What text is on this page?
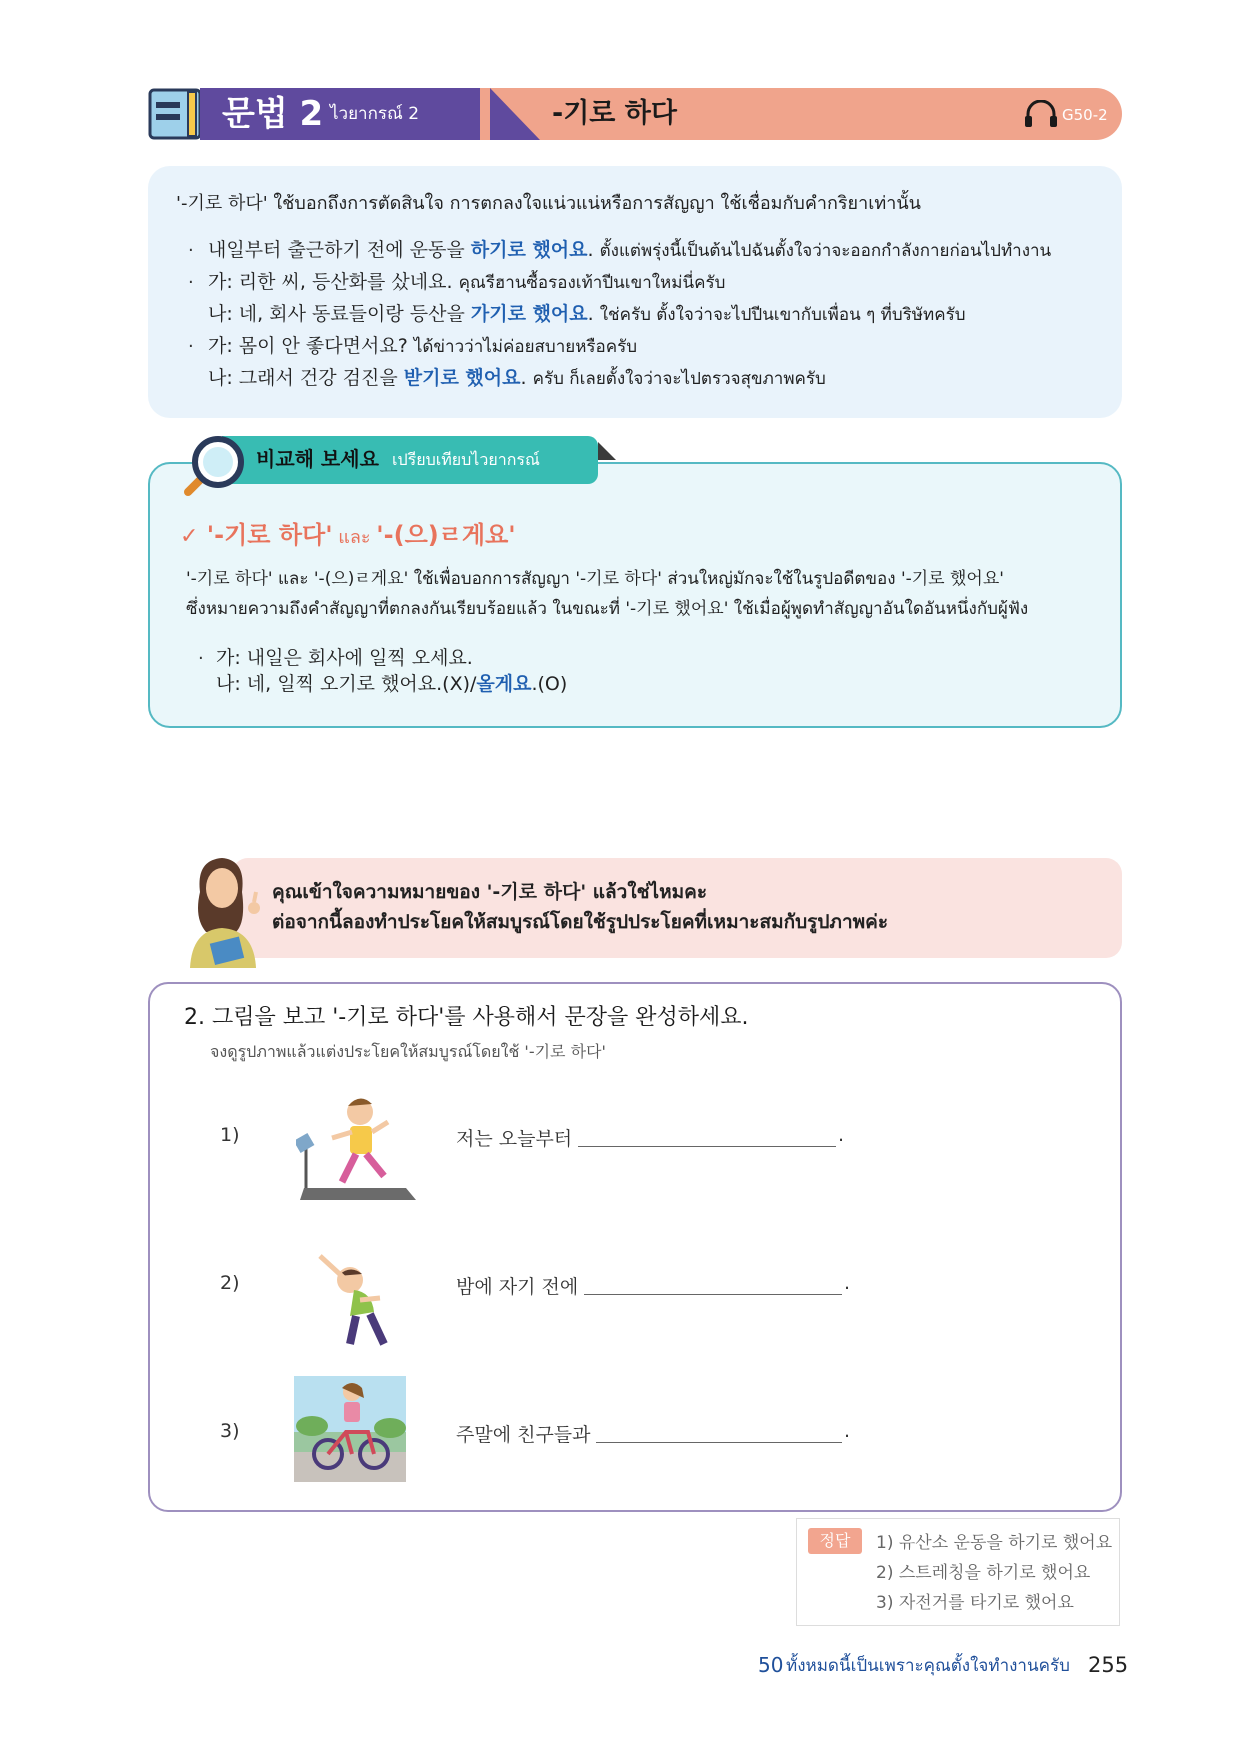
문법 2 ไวยากรณ์ 2	-기로 하다	G50-2
'-기로 하다' ใช้บอกถึงการตัดสินใจ การตกลงใจแน่วแน่หรือการสัญญา ใช้เชื่อมกับคำกริยาเท่านั้น
· 내일부터 출근하기 전에 운동을 하기로 했어요. ตั้งแต่พรุ่งนี้เป็นต้นไปฉันตั้งใจว่าจะออกกำลังกายก่อนไปทำงาน
· 가: 리한 씨, 등산화를 샀네요. คุณรีฮานซื้อรองเท้าปีนเขาใหม่นี่ครับ
나: 네, 회사 동료들이랑 등산을 가기로 했어요. ใช่ครับ ตั้งใจว่าจะไปปีนเขากับเพื่อน ๆ ที่บริษัทครับ
· 가: 몸이 안 좋다면서요? ได้ข่าวว่าไม่ค่อยสบายหรือครับ
나: 그래서 건강 검진을 받기로 했어요. ครับ ก็เลยตั้งใจว่าจะไปตรวจสุขภาพครับ
비교해 보세요 เปรียบเทียบไวยากรณ์
✓ '-기로 하다' และ '-(으)ㄹ게요'
'-기로 하다' และ '-(으)ㄹ게요' ใช้เพื่อบอกการสัญญา '-기로 하다' ส่วนใหญ่มักจะใช้ในรูปอดีตของ '-기로 했어요'
ซึ่งหมายความถึงคำสัญญาที่ตกลงกันเรียบร้อยแล้ว ในขณะที่ '-기로 했어요' ใช้เมื่อผู้พูดทำสัญญาอันใดอันหนึ่งกับผู้ฟัง
· 가: 내일은 회사에 일찍 오세요.
나: 네, 일찍 오기로 했어요.(X)/올게요.(O)
คุณเข้าใจความหมายของ '-기로 하다' แล้วใช่ไหมคะ
ต่อจากนี้ลองทำประโยคให้สมบูรณ์โดยใช้รูปประโยคที่เหมาะสมกับรูปภาพค่ะ
2. 그림을 보고 '-기로 하다'를 사용해서 문장을 완성하세요.
จงดูรูปภาพแล้วแต่งประโยคให้สมบูรณ์โดยใช้ '-기로 하다'
1)	저는 오늘부터	.
2)	밤에 자기 전에	.
3)	주말에 친구들과	.
정답	1) 유산소 운동을 하기로 했어요
2) 스트레칭을 하기로 했어요
3) 자전거를 타기로 했어요
50 ทั้งหมดนี้เป็นเพราะคุณตั้งใจทำงานครับ 255
